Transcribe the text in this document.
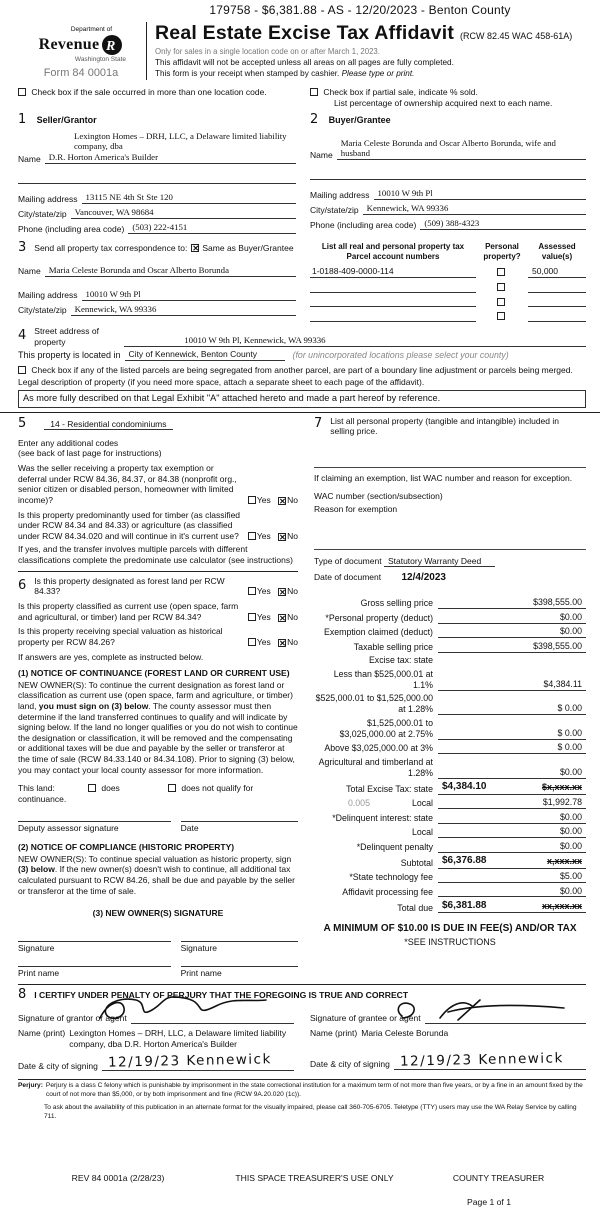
179758 - $6,381.88 - AS - 12/20/2023 - Benton County
Department of
Revenue R
Washington State
Form 84 0001a
Real Estate Excise Tax Affidavit (RCW 82.45 WAC 458-61A)
Only for sales in a single location code on or after March 1, 2023.
This affidavit will not be accepted unless all areas on all pages are fully completed.
This form is your receipt when stamped by cashier. Please type or print.
Check box if the sale occurred in more than one location code.	Check box if partial sale, indicate % sold.
List percentage of ownership acquired next to each name.
1 Seller/Grantor
Lexington Homes – DRH, LLC, a Delaware limited liability company, dba
Name D.R. Horton America's Builder
Mailing address 13115 NE 4th St Ste 120
City/state/zip Vancouver, WA 98684
Phone (including area code) (503) 222-4151
2 Buyer/Grantee
Name
Maria Celeste Borunda and Oscar Alberto Borunda, wife and husband
Mailing address 10010 W 9th Pl
City/state/zip Kennewick, WA 99336
Phone (including area code) (509) 388-4323
3 Send all property tax correspondence to: ✕ Same as Buyer/Grantee
Name Maria Celeste Borunda and Oscar Alberto Borunda
Mailing address 10010 W 9th Pl
City/state/zip Kennewick, WA 99336
List all real and personal property tax
Parcel account numbers
Personal
property?
Assessed
value(s)
1-0188-409-0000-114	50,000
4 Street address of
property	10010 W 9th Pl, Kennewick, WA 99336
This property is located in City of Kennewick, Benton County	(for unincorporated locations please select your county)
Check box if any of the listed parcels are being segregated from another parcel, are part of a boundary line adjustment or parcels being merged.
Legal description of property (if you need more space, attach a separate sheet to each page of the affidavit).
As more fully described on that Legal Exhibit "A" attached hereto and made a part hereof by reference.
5	14 - Residential condominiums
Enter any additional codes
(see back of last page for instructions)
Was the seller receiving a property tax exemption or deferral under RCW 84.36, 84.37, or 84.38 (nonprofit org., senior citizen or disabled person, homeowner with limited income)?	Yes ✕No
Is this property predominantly used for timber (as classified under RCW 84.34 and 84.33) or agriculture (as classified under RCW 84.34.020 and will continue in it's current use?	Yes ✕No
If yes, and the transfer involves multiple parcels with different classifications complete the predominate use calculator (see instructions)
6 Is this property designated as forest land per RCW 84.33?	Yes ✕No
Is this property classified as current use (open space, farm and agricultural, or timber) land per RCW 84.34?	Yes ✕No
Is this property receiving special valuation as historical property per RCW 84.26?	Yes ✕No
If answers are yes, complete as instructed below.
(1) NOTICE OF CONTINUANCE (FOREST LAND OR CURRENT USE)
NEW OWNER(S): To continue the current designation as forest land or classification as current use (open space, farm and agriculture, or timber) land, you must sign on (3) below. The county assessor must then determine if the land transferred continues to qualify and will indicate by signing below. If the land no longer qualifies or you do not wish to continue the designation or classification, it will be removed and the compensating or additional taxes will be due and payable by the seller or transferor at the time of sale (RCW 84.33.140 or 84.34.108). Prior to signing (3) below, you may contact your local county assessor for more information.
This land:	does	does not qualify for
continuance.
Deputy assessor signature	Date
(2) NOTICE OF COMPLIANCE (HISTORIC PROPERTY)
NEW OWNER(S): To continue special valuation as historic property, sign (3) below. If the new owner(s) doesn't wish to continue, all additional tax calculated pursuant to RCW 84.26, shall be due and payable by the seller or transferor at the time of sale.
(3) NEW OWNER(S) SIGNATURE
Signature	Signature
Print name	Print name
7 List all personal property (tangible and intangible) included in selling price.
If claiming an exemption, list WAC number and reason for exception.
WAC number (section/subsection)
Reason for exemption
Type of document Statutory Warranty Deed
Date of document 12/4/2023
Gross selling price	$398,555.00
*Personal property (deduct)	$0.00
Exemption claimed (deduct)	$0.00
Taxable selling price	$398,555.00
Excise tax: state
Less than $525,000.01 at 1.1%	$4,384.11
$525,000.01 to $1,525,000.00 at 1.28%	$ 0.00
$1,525,000.01 to $3,025,000.00 at 2.75%	$ 0.00
Above $3,025,000.00 at 3%	$ 0.00
Agricultural and timberland at 1.28%	$0.00
Total Excise Tax: state $4,384.10	$x,xxx.xx
0.005	Local	$1,992.78
*Delinquent interest: state	$0.00
Local	$0.00
*Delinquent penalty	$0.00
Subtotal $6,376.88	x,xxx.xx
*State technology fee	$5.00
Affidavit processing fee	$0.00
Total due $6,381.88	xx,xxx.xx
A MINIMUM OF $10.00 IS DUE IN FEE(S) AND/OR TAX
*SEE INSTRUCTIONS
8 I CERTIFY UNDER PENALTY OF PERJURY THAT THE FOREGOING IS TRUE AND CORRECT
Signature of grantor or agent
Name (print) Lexington Homes – DRH, LLC, a Delaware limited liability
company, dba D.R. Horton America's Builder
Date & city of signing 12/19/23 Kennewick
Signature of grantee or agent
Name (print) Maria Celeste Borunda
Date & city of signing 12/19/23 Kennewick
Perjury: Perjury is a class C felony which is punishable by imprisonment in the state correctional institution for a maximum term of not more than five years, or by a fine in an amount fixed by the court of not more than $5,000, or by both imprisonment and fine (RCW 9A.20.020 (1c)).
To ask about the availability of this publication in an alternate format for the visually impaired, please call 360-705-6705. Teletype (TTY) users may use the WA Relay Service by calling 711.
REV 84 0001a (2/28/23)	THIS SPACE TREASURER'S USE ONLY	COUNTY TREASURER
Page 1 of 1
